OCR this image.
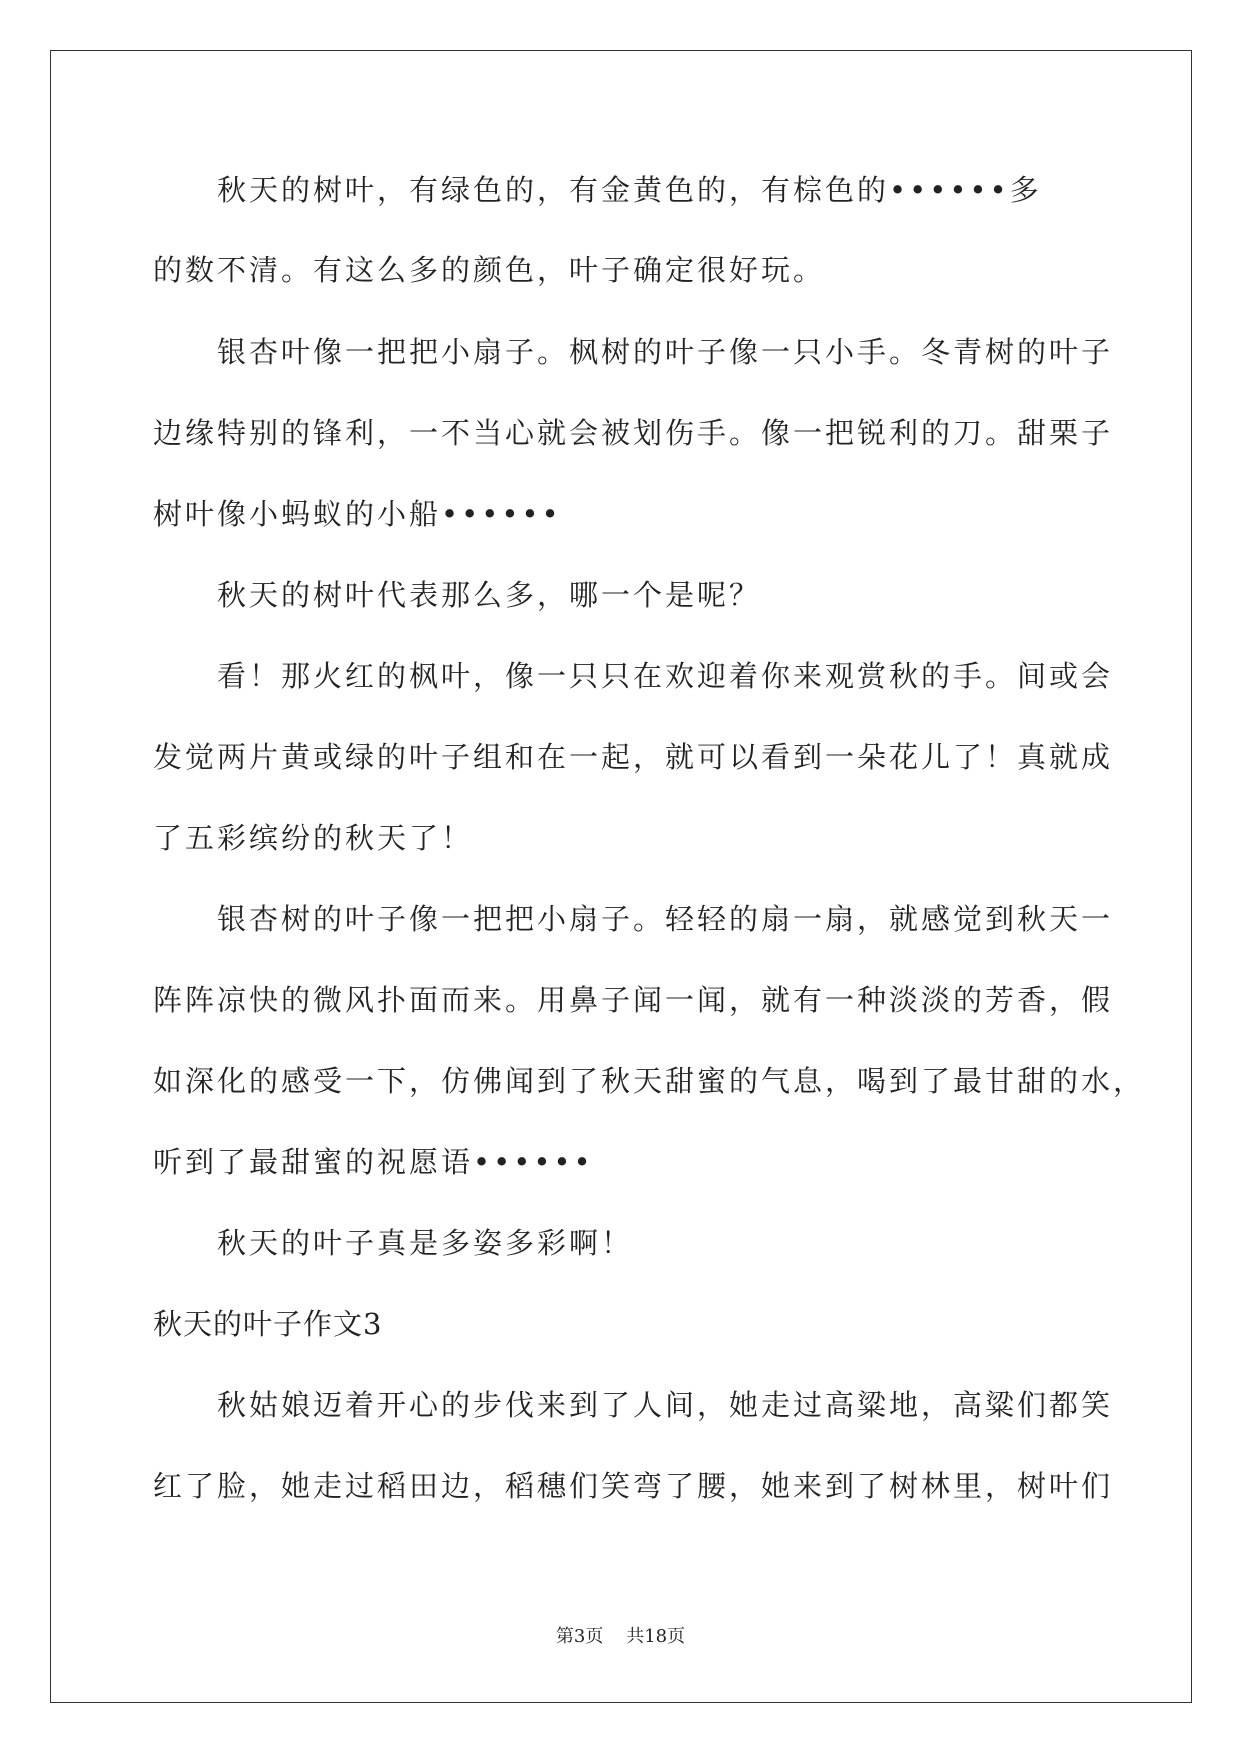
秋天的树叶，有绿色的，有金黄色的，有棕色的••••••多
的数不清。有这么多的颜色，叶子确定很好玩。
银杏叶像一把把小扇子。枫树的叶子像一只小手。冬青树的叶子
边缘特别的锋利，一不当心就会被划伤手。像一把锐利的刀。甜栗子
树叶像小蚂蚁的小船••••••
秋天的树叶代表那么多，哪一个是呢？
看！那火红的枫叶，像一只只在欢迎着你来观赏秋的手。间或会
发觉两片黄或绿的叶子组和在一起，就可以看到一朵花儿了！真就成
了五彩缤纷的秋天了！
银杏树的叶子像一把把小扇子。轻轻的扇一扇，就感觉到秋天一
阵阵凉快的微风扑面而来。用鼻子闻一闻，就有一种淡淡的芳香，假
如深化的感受一下，仿佛闻到了秋天甜蜜的气息，喝到了最甘甜的水，
听到了最甜蜜的祝愿语••••••
秋天的叶子真是多姿多彩啊！
秋天的叶子作文3
秋姑娘迈着开心的步伐来到了人间，她走过高粱地，高粱们都笑
红了脸，她走过稻田边，稻穗们笑弯了腰，她来到了树林里，树叶们
第3页 共18页
